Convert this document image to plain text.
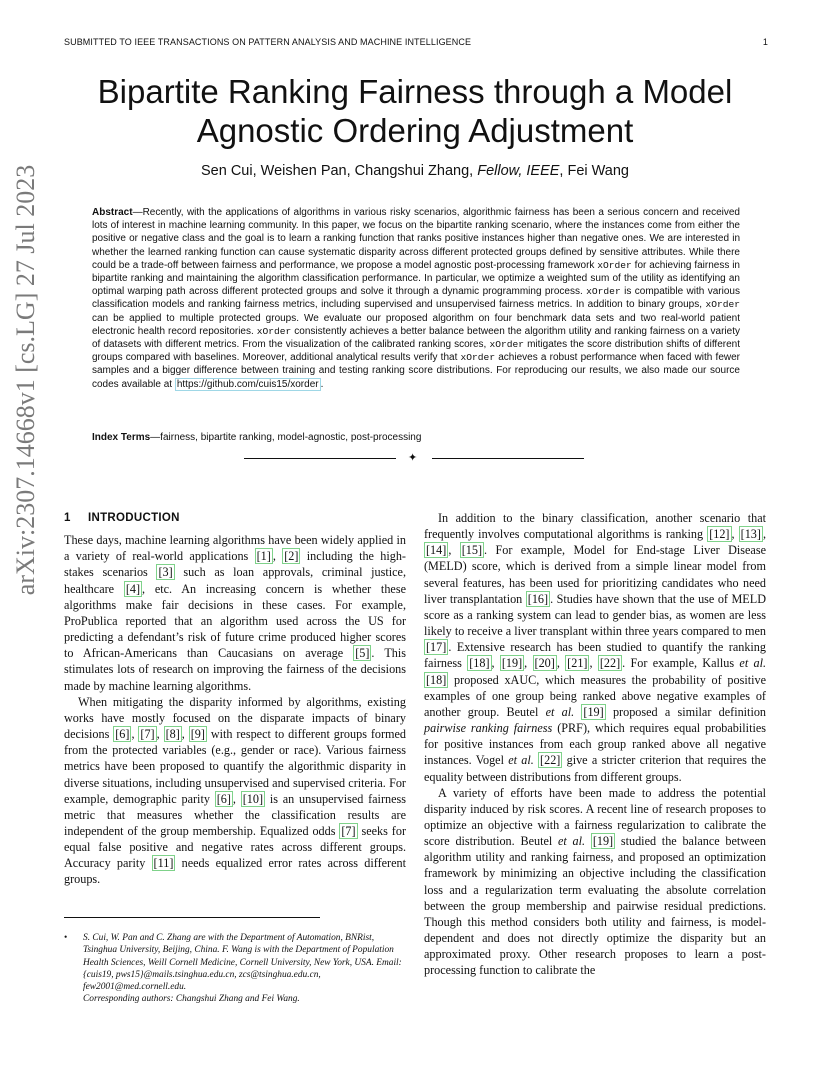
SUBMITTED TO IEEE TRANSACTIONS ON PATTERN ANALYSIS AND MACHINE INTELLIGENCE	1
Bipartite Ranking Fairness through a Model
Agnostic Ordering Adjustment
Sen Cui, Weishen Pan, Changshui Zhang, Fellow, IEEE, Fei Wang
Abstract—Recently, with the applications of algorithms in various risky scenarios, algorithmic fairness has been a serious concern and received lots of interest in machine learning community. In this paper, we focus on the bipartite ranking scenario, where the instances come from either the positive or negative class and the goal is to learn a ranking function that ranks positive instances higher than negative ones. We are interested in whether the learned ranking function can cause systematic disparity across different protected groups defined by sensitive attributes. While there could be a trade-off between fairness and performance, we propose a model agnostic post-processing framework xOrder for achieving fairness in bipartite ranking and maintaining the algorithm classification performance. In particular, we optimize a weighted sum of the utility as identifying an optimal warping path across different protected groups and solve it through a dynamic programming process. xOrder is compatible with various classification models and ranking fairness metrics, including supervised and unsupervised fairness metrics. In addition to binary groups, xOrder can be applied to multiple protected groups. We evaluate our proposed algorithm on four benchmark data sets and two real-world patient electronic health record repositories. xOrder consistently achieves a better balance between the algorithm utility and ranking fairness on a variety of datasets with different metrics. From the visualization of the calibrated ranking scores, xOrder mitigates the score distribution shifts of different groups compared with baselines. Moreover, additional analytical results verify that xOrder achieves a robust performance when faced with fewer samples and a bigger difference between training and testing ranking score distributions. For reproducing our results, we also made our source codes available at https://github.com/cuis15/xorder .
Index Terms—fairness, bipartite ranking, model-agnostic, post-processing
✦
arXiv:2307.14668v1 [cs.LG] 27 Jul 2023	1 INTRODUCTION

These days, machine learning algorithms have been widely applied in a variety of real-world applications [1] , [2] including the high-stakes scenarios [3] such as loan approvals, criminal justice, healthcare [4] , etc. An increasing concern is whether these algorithms make fair decisions in these cases. For example, ProPublica reported that an algorithm used across the US for predicting a defendant’s risk of future crime produced higher scores to African-Americans than Caucasians on average [5] . This stimulates lots of research on improving the fairness of the decisions made by machine learning algorithms.

When mitigating the disparity informed by algorithms, existing works have mostly focused on the disparate impacts of binary decisions [6] , [7] , [8] , [9] with respect to different groups formed from the protected variables (e.g., gender or race). Various fairness metrics have been proposed to quantify the algorithmic disparity in diverse situations, including unsupervised and supervised criteria. For example, demographic parity [6] , [10] is an unsupervised fairness metric that measures whether the classification results are independent of the group membership. Equalized odds [7] seeks for equal false positive and negative rates across different groups. Accuracy parity [11] needs equalized error rates across different groups.

•	S. Cui, W. Pan and C. Zhang are with the Department of Automation, BNRist, Tsinghua University, Beijing, China. F. Wang is with the Department of Population Health Sciences, Weill Cornell Medicine, Cornell University, New York, USA. Email: {cuis19, pws15}@mails.tsinghua.edu.cn, zcs@tsinghua.edu.cn, few2001@med.cornell.edu.
Corresponding authors: Changshui Zhang and Fei Wang.

In addition to the binary classification, another scenario that frequently involves computational algorithms is ranking [12] , [13] , [14] , [15] . For example, Model for End-stage Liver Disease (MELD) score, which is derived from a simple linear model from several features, has been used for prioritizing candidates who need liver transplantation [16] . Studies have shown that the use of MELD score as a ranking system can lead to gender bias, as women are less likely to receive a liver transplant within three years compared to men [17] . Extensive research has been studied to quantify the ranking fairness [18] , [19] , [20] , [21] , [22] . For example, Kallus et al. [18] proposed xAUC, which measures the probability of positive examples of one group being ranked above negative examples of another group. Beutel et al. [19] proposed a similar definition pairwise ranking fairness (PRF), which requires equal probabilities for positive instances from each group ranked above all negative instances. Vogel et al. [22] give a stricter criterion that requires the equality between distributions from different groups.

A variety of efforts have been made to address the potential disparity induced by risk scores. A recent line of research proposes to optimize an objective with a fairness regularization to calibrate the score distribution. Beutel et al. [19] studied the balance between algorithm utility and ranking fairness, and proposed an optimization framework by minimizing an objective including the classification loss and a regularization term evaluating the absolute correlation between the group membership and pairwise residual predictions. Though this method considers both utility and fairness, is model-dependent and does not directly optimize the disparity but an approximated proxy. Other research proposes to learn a post-processing function to calibrate the
